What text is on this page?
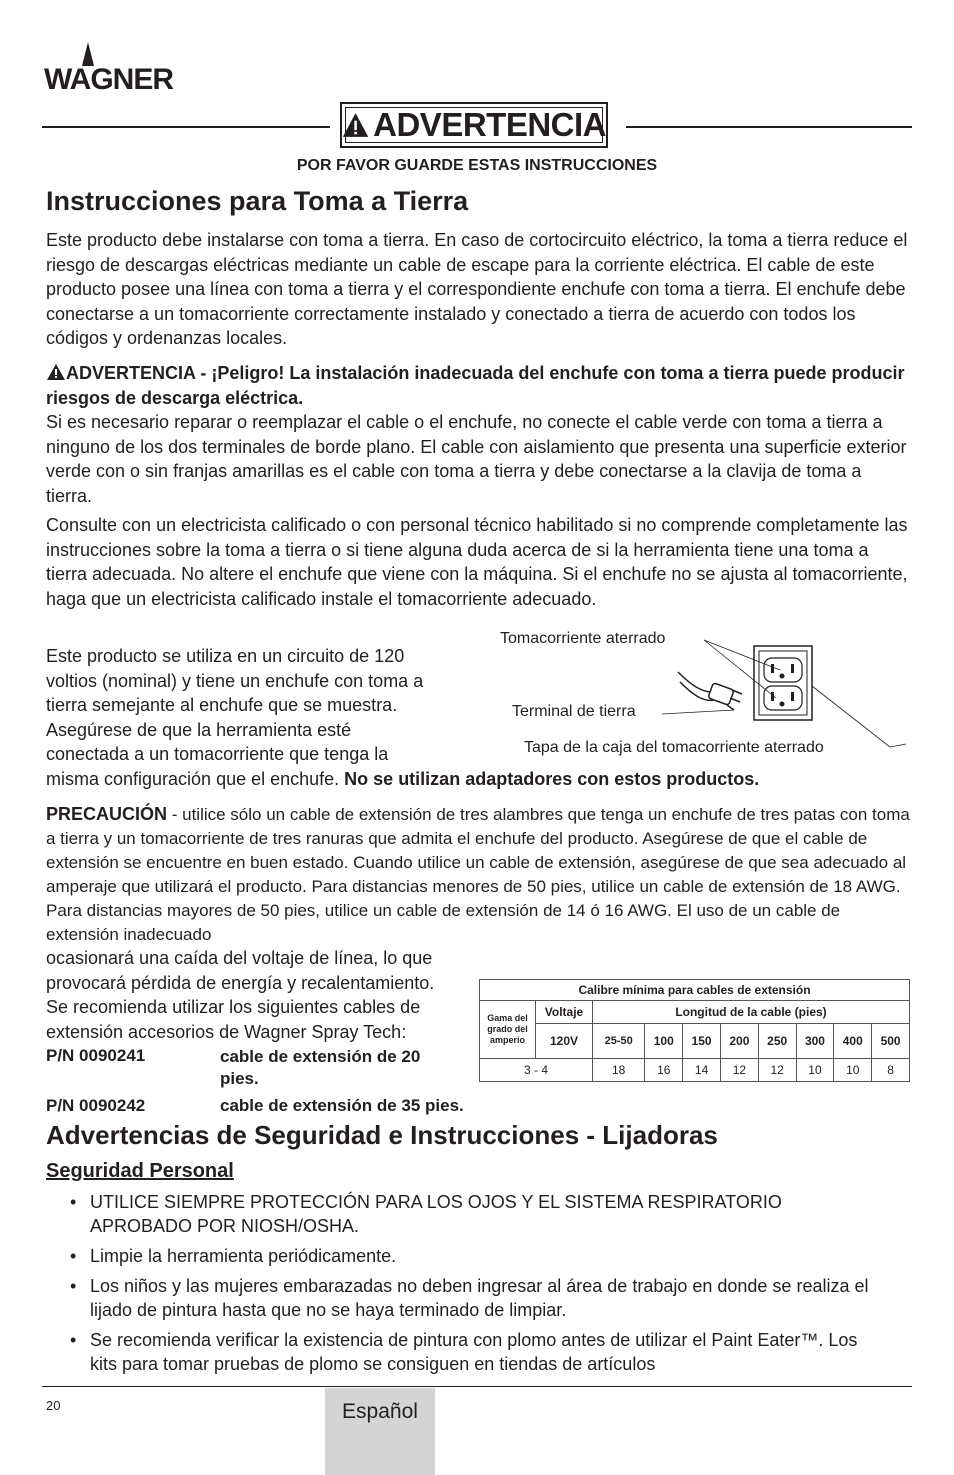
WAGNER
ADVERTENCIA
POR FAVOR GUARDE ESTAS INSTRUCCIONES
Instrucciones para Toma a Tierra

Este producto debe instalarse con toma a tierra. En caso de cortocircuito eléctrico, la toma a tierra reduce el riesgo de descargas eléctricas mediante un cable de escape para la corriente eléctrica. El cable de este producto posee una línea con toma a tierra y el correspondiente enchufe con toma a tierra. El enchufe debe conectarse a un tomacorriente correctamente instalado y conectado a tierra de acuerdo con todos los códigos y ordenanzas locales.

ADVERTENCIA - ¡Peligro! La instalación inadecuada del enchufe con toma a tierra puede producir riesgos de descarga eléctrica.

Si es necesario reparar o reemplazar el cable o el enchufe, no conecte el cable verde con toma a tierra a ninguno de los dos terminales de borde plano. El cable con aislamiento que presenta una superficie exterior verde con o sin franjas amarillas es el cable con toma a tierra y debe conectarse a la clavija de toma a tierra.

Consulte con un electricista calificado o con personal técnico habilitado si no comprende completamente las instrucciones sobre la toma a tierra o si tiene alguna duda acerca de si la herramienta tiene una toma a tierra adecuada. No altere el enchufe que viene con la máquina. Si el enchufe no se ajusta al tomacorriente, haga que un electricista calificado instale el tomacorriente adecuado.

Este producto se utiliza en un circuito de 120

voltios (nominal) y tiene un enchufe con toma a

tierra semejante al enchufe que se muestra.

Asegúrese de que la herramienta esté

conectada a un tomacorriente que tenga la

misma configuración que el enchufe. No se utilizan adaptadores con estos productos.

Tomacorriente aterrado
Terminal de tierra
Tapa de la caja del tomacorriente aterrado

PRECAUCIÓN - utilice sólo un cable de extensión de tres alambres que tenga un enchufe de tres patas con toma a tierra y un tomacorriente de tres ranuras que admita el enchufe del producto. Asegúrese de que el cable de extensión se encuentre en buen estado. Cuando utilice un cable de extensión, asegúrese de que sea adecuado al amperaje que utilizará el producto. Para distancias menores de 50 pies, utilice un cable de extensión de 18 AWG. Para distancias mayores de 50 pies, utilice un cable de extensión de 14 ó 16 AWG. El uso de un cable de extensión inadecuado

ocasionará una caída del voltaje de línea, lo que

provocará pérdida de energía y recalentamiento.

Se recomienda utilizar los siguientes cables de

extensión accesorios de Wagner Spray Tech:

P/N 0090241	cable de extensión de 20 pies.
P/N 0090242	cable de extensión de 35 pies.
Calibre mínima para cables de extensión									
Gama del grado del amperio	Voltaje	Longitud de la cable (pies)							
	120V	25-50	100	150	200	250	300	400	500
3 - 4		18	16	14	12	12	10	10	8
Advertencias de Seguridad e Instrucciones - Lijadoras
Seguridad Personal
• UTILICE SIEMPRE PROTECCIÓN PARA LOS OJOS Y EL SISTEMA RESPIRATORIO APROBADO POR NIOSH/OSHA.
• Limpie la herramienta periódicamente.
• Los niños y las mujeres embarazadas no deben ingresar al área de trabajo en donde se realiza el lijado de pintura hasta que no se haya terminado de limpiar.
• Se recomienda verificar la existencia de pintura con plomo antes de utilizar el Paint Eater™. Los kits para tomar pruebas de plomo se consiguen en tiendas de artículos
Español
20
